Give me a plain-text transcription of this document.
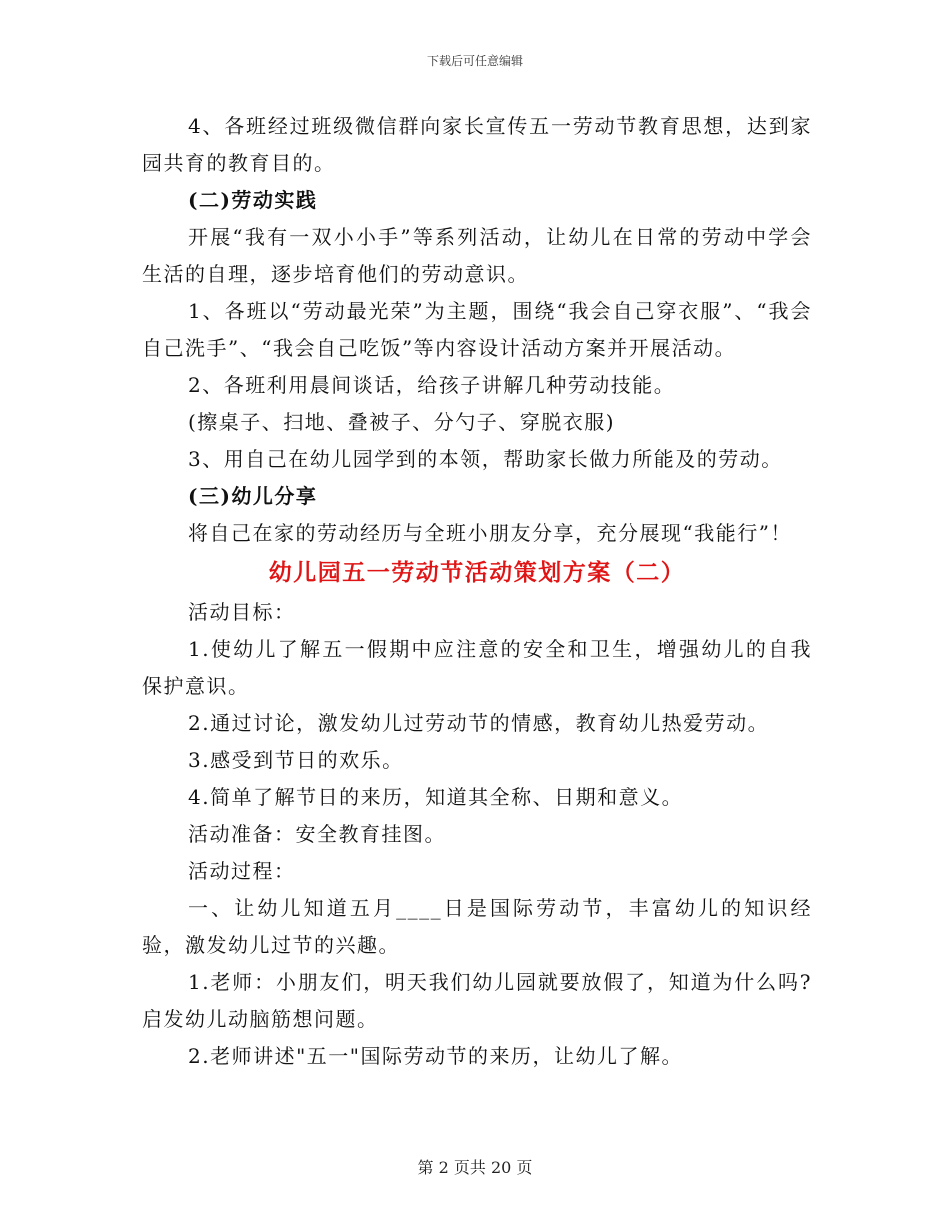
下载后可任意编辑

4、各班经过班级微信群向家长宣传五一劳动节教育思想，达到家园共育的教育目的。

(二)劳动实践

开展“我有一双小小手”等系列活动，让幼儿在日常的劳动中学会生活的自理，逐步培育他们的劳动意识。

1、各班以“劳动最光荣”为主题，围绕“我会自己穿衣服”、“我会自己洗手”、“我会自己吃饭”等内容设计活动方案并开展活动。

2、各班利用晨间谈话，给孩子讲解几种劳动技能。

(擦桌子、扫地、叠被子、分勺子、穿脱衣服)

3、用自己在幼儿园学到的本领，帮助家长做力所能及的劳动。

(三)幼儿分享

将自己在家的劳动经历与全班小朋友分享，充分展现“我能行”！

幼儿园五一劳动节活动策划方案（二）

活动目标：

1.使幼儿了解五一假期中应注意的安全和卫生，增强幼儿的自我保护意识。

2.通过讨论，激发幼儿过劳动节的情感，教育幼儿热爱劳动。

3.感受到节日的欢乐。

4.简单了解节日的来历，知道其全称、日期和意义。

活动准备：安全教育挂图。

活动过程：

一、让幼儿知道五月____日是国际劳动节，丰富幼儿的知识经验，激发幼儿过节的兴趣。

1.老师：小朋友们，明天我们幼儿园就要放假了，知道为什么吗?启发幼儿动脑筋想问题。

2.老师讲述"五一"国际劳动节的来历，让幼儿了解。

第 2 页共 20 页
